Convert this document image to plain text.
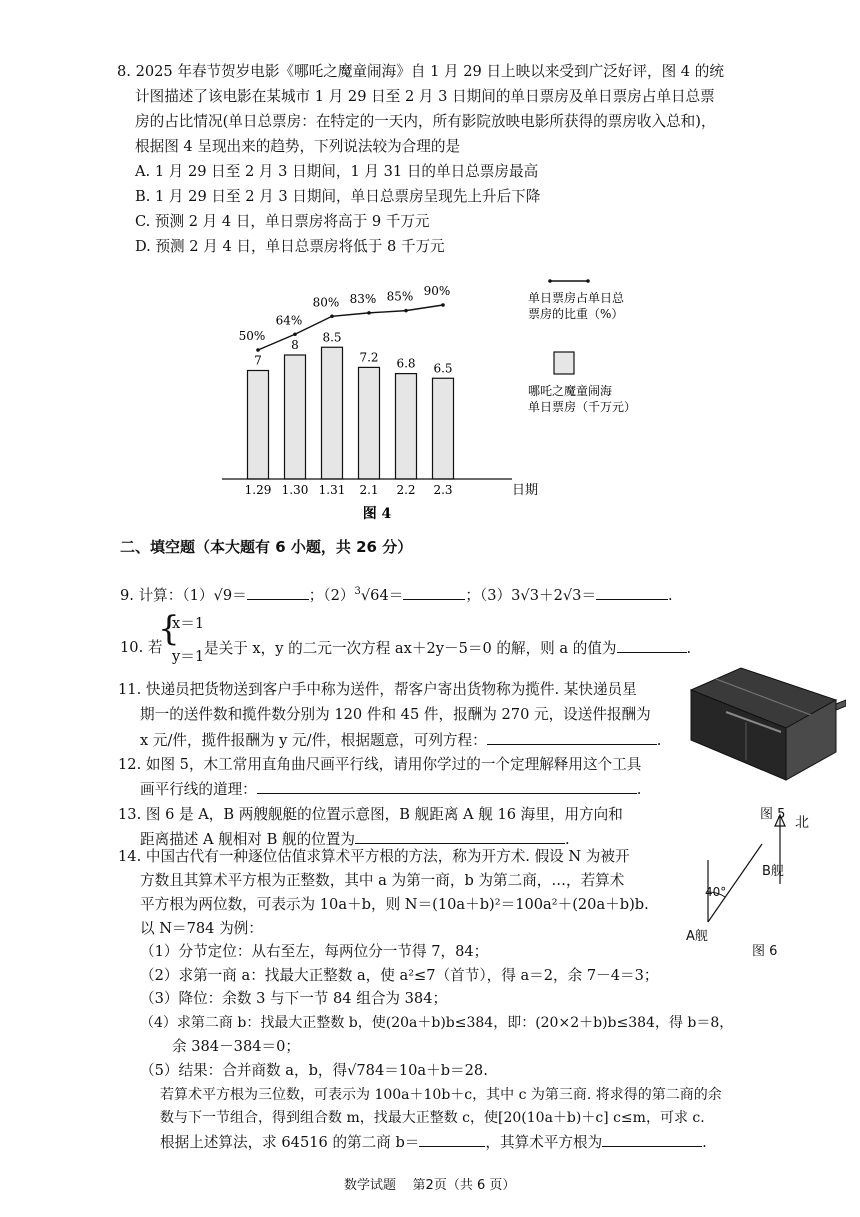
8. 2025 年春节贺岁电影《哪吒之魔童闹海》自 1 月 29 日上映以来受到广泛好评，图 4 的统
计图描述了该电影在某城市 1 月 29 日至 2 月 3 日期间的单日票房及单日票房占单日总票
房的占比情况(单日总票房：在特定的一天内，所有影院放映电影所获得的票房收入总和)，
根据图 4 呈现出来的趋势，下列说法较为合理的是
A. 1 月 29 日至 2 月 3 日期间，1 月 31 日的单日总票房最高
B. 1 月 29 日至 2 月 3 日期间，单日总票房呈现先上升后下降
C. 预测 2 月 4 日，单日票房将高于 9 千万元
D. 预测 2 月 4 日，单日总票房将低于 8 千万元
7
1.29
8
1.30
8.5
1.31
7.2
2.1
6.8
2.2
6.5
2.3
50%
64%
80% 83% 85% 90%	单日票房占单日总
票房的比重（%）
哪吒之魔童闹海
单日票房（千万元）
日期
图 4
二、填空题（本大题有 6 小题，共 26 分）
9. 计算：（1）√9＝	；$(2)^3√64=$	；（3）3√3＋2√3＝	.
10. 若
{
x＝1
y＝1 是关于 x，y 的二元一次方程 ax＋2y－5＝0 的解，则 a 的值为	.
11. 快递员把货物送到客户手中称为送件，帮客户寄出货物称为揽件. 某快递员星
期一的送件数和揽件数分别为 120 件和 45 件，报酬为 270 元，设送件报酬为
x 元/件，揽件报酬为 y 元/件，根据题意，可列方程：	.
12. 如图 5，木工常用直角曲尺画平行线，请用你学过的一个定理解释用这个工具
画平行线的道理：	.
13. 图 6 是 A，B 两艘舰艇的位置示意图，B 舰距离 A 舰 16 海里，用方向和
距离描述 A 舰相对 B 舰的位置为	.
14. 中国古代有一种逐位估值求算术平方根的方法，称为开方术. 假设 N 为被开
方数且其算术平方根为正整数，其中 a 为第一商，b 为第二商，…，若算术
平方根为两位数，可表示为 10a＋b，则 N＝(10a＋b)²＝100a²＋(20a＋b)b.
以 N＝784 为例：
（1）分节定位：从右至左，每两位分一节得 7，84；
（2）求第一商 a：找最大正整数 a，使 a²≤7（首节），得 a＝2，余 7－4＝3；
（3）降位：余数 3 与下一节 84 组合为 384；
（4）求第二商 b：找最大正整数 b，使(20a＋b)b≤384，即：(20×2＋b)b≤384，得 b＝8，
余 384－384＝0；
（5）结果：合并商数 a，b，得√784＝10a＋b＝28.
若算术平方根为三位数，可表示为 100a＋10b＋c，其中 c 为第三商. 将求得的第二商的余
数与下一节组合，得到组合数 m，找最大正整数 c，使[20(10a＋b)＋c] c≤m，可求 c.
根据上述算法，求 64516 的第二商 b＝	，其算术平方根为	.
图 5
北
B舰
40°
A舰
图 6
数学试题 第2页（共 6 页）
